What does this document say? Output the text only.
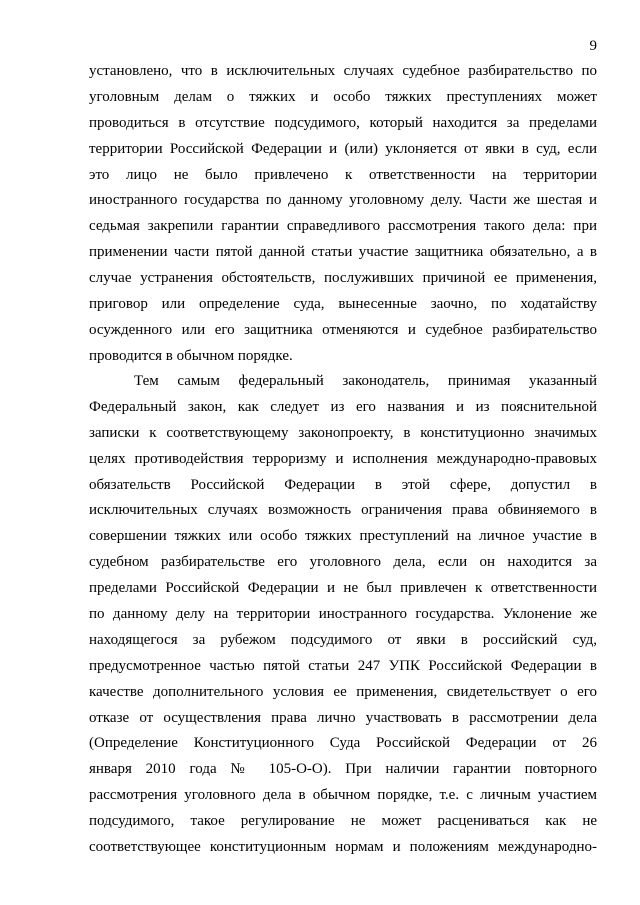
9
установлено, что в исключительных случаях судебное разбирательство по
уголовным делам о тяжких и особо тяжких преступлениях может
проводиться в отсутствие подсудимого, который находится за пределами
территории Российской Федерации и (или) уклоняется от явки в суд, если
это лицо не было привлечено к ответственности на территории
иностранного государства по данному уголовному делу. Части же шестая и
седьмая закрепили гарантии справедливого рассмотрения такого дела: при
применении части пятой данной статьи участие защитника обязательно, а в
случае устранения обстоятельств, послуживших причиной ее применения,
приговор или определение суда, вынесенные заочно, по ходатайству
осужденного или его защитника отменяются и судебное разбирательство
проводится в обычном порядке.
Тем самым федеральный законодатель, принимая указанный
Федеральный закон, как следует из его названия и из пояснительной
записки к соответствующему законопроекту, в конституционно значимых
целях противодействия терроризму и исполнения международно-правовых
обязательств Российской Федерации в этой сфере, допустил в
исключительных случаях возможность ограничения права обвиняемого в
совершении тяжких или особо тяжких преступлений на личное участие в
судебном разбирательстве его уголовного дела, если он находится за
пределами Российской Федерации и не был привлечен к ответственности
по данному делу на территории иностранного государства. Уклонение же
находящегося за рубежом подсудимого от явки в российский суд,
предусмотренное частью пятой статьи 247 УПК Российской Федерации в
качестве дополнительного условия ее применения, свидетельствует о его
отказе от осуществления права лично участвовать в рассмотрении дела
(Определение Конституционного Суда Российской Федерации от 26
января 2010 года № 105-О-О). При наличии гарантии повторного
рассмотрения уголовного дела в обычном порядке, т.е. с личным участием
подсудимого, такое регулирование не может расцениваться как не
соответствующее конституционным нормам и положениям международно-
